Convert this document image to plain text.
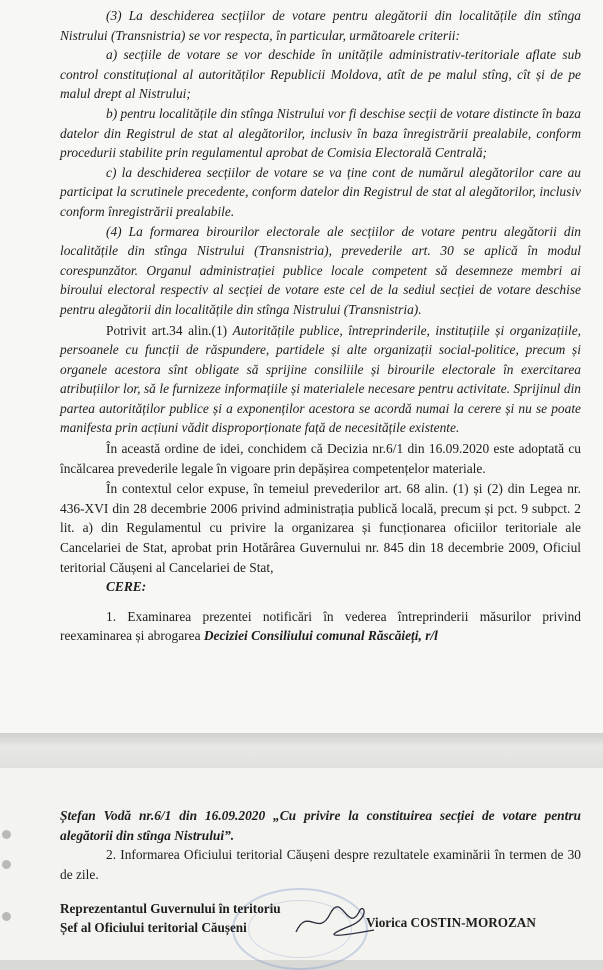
(3) La deschiderea secțiilor de votare pentru alegătorii din localitățile din stînga Nistrului (Transnistria) se vor respecta, în particular, următoarele criterii:

a) secțiile de votare se vor deschide în unitățile administrativ-teritoriale aflate sub control constituțional al autorităților Republicii Moldova, atît de pe malul stîng, cît și de pe malul drept al Nistrului;

b) pentru localitățile din stînga Nistrului vor fi deschise secții de votare distincte în baza datelor din Registrul de stat al alegătorilor, inclusiv în baza înregistrării prealabile, conform procedurii stabilite prin regulamentul aprobat de Comisia Electorală Centrală;

c) la deschiderea secțiilor de votare se va ține cont de numărul alegătorilor care au participat la scrutinele precedente, conform datelor din Registrul de stat al alegătorilor, inclusiv conform înregistrării prealabile.

(4) La formarea birourilor electorale ale secțiilor de votare pentru alegătorii din localitățile din stînga Nistrului (Transnistria), prevederile art. 30 se aplică în modul corespunzător. Organul administrației publice locale competent să desemneze membri ai biroului electoral respectiv al secției de votare este cel de la sediul secției de votare deschise pentru alegătorii din localitățile din stînga Nistrului (Transnistria).

Potrivit art.34 alin.(1) Autoritățile publice, întreprinderile, instituțiile și organizațiile, persoanele cu funcții de răspundere, partidele și alte organizații social-politice, precum și organele acestora sînt obligate să sprijine consiliile și birourile electorale în exercitarea atribuțiilor lor, să le furnizeze informațiile și materialele necesare pentru activitate. Sprijinul din partea autorităților publice și a exponenților acestora se acordă numai la cerere și nu se poate manifesta prin acțiuni vădit disproporționate față de necesitățile existente.

În această ordine de idei, conchidem că Decizia nr.6/1 din 16.09.2020 este adoptată cu încălcarea prevederile legale în vigoare prin depășirea competențelor materiale.

În contextul celor expuse, în temeiul prevederilor art. 68 alin. (1) și (2) din Legea nr. 436-XVI din 28 decembrie 2006 privind administrația publică locală, precum și pct. 9 subpct. 2 lit. a) din Regulamentul cu privire la organizarea și funcționarea oficiilor teritoriale ale Cancelariei de Stat, aprobat prin Hotărârea Guvernului nr. 845 din 18 decembrie 2009, Oficiul teritorial Căușeni al Cancelariei de Stat,

CERE:

1. Examinarea prezentei notificări în vederea întreprinderii măsurilor privind reexaminarea și abrogarea Deciziei Consiliului comunal Răscăieți, r/l

Ștefan Vodă nr.6/1 din 16.09.2020 „Cu privire la constituirea secției de votare pentru alegătorii din stînga Nistrului”.

2. Informarea Oficiului teritorial Căușeni despre rezultatele examinării în termen de 30 de zile.

Reprezentantul Guvernului în teritoriu
Șef al Oficiului teritorial Căușeni	Viorica COSTIN-MOROZAN
